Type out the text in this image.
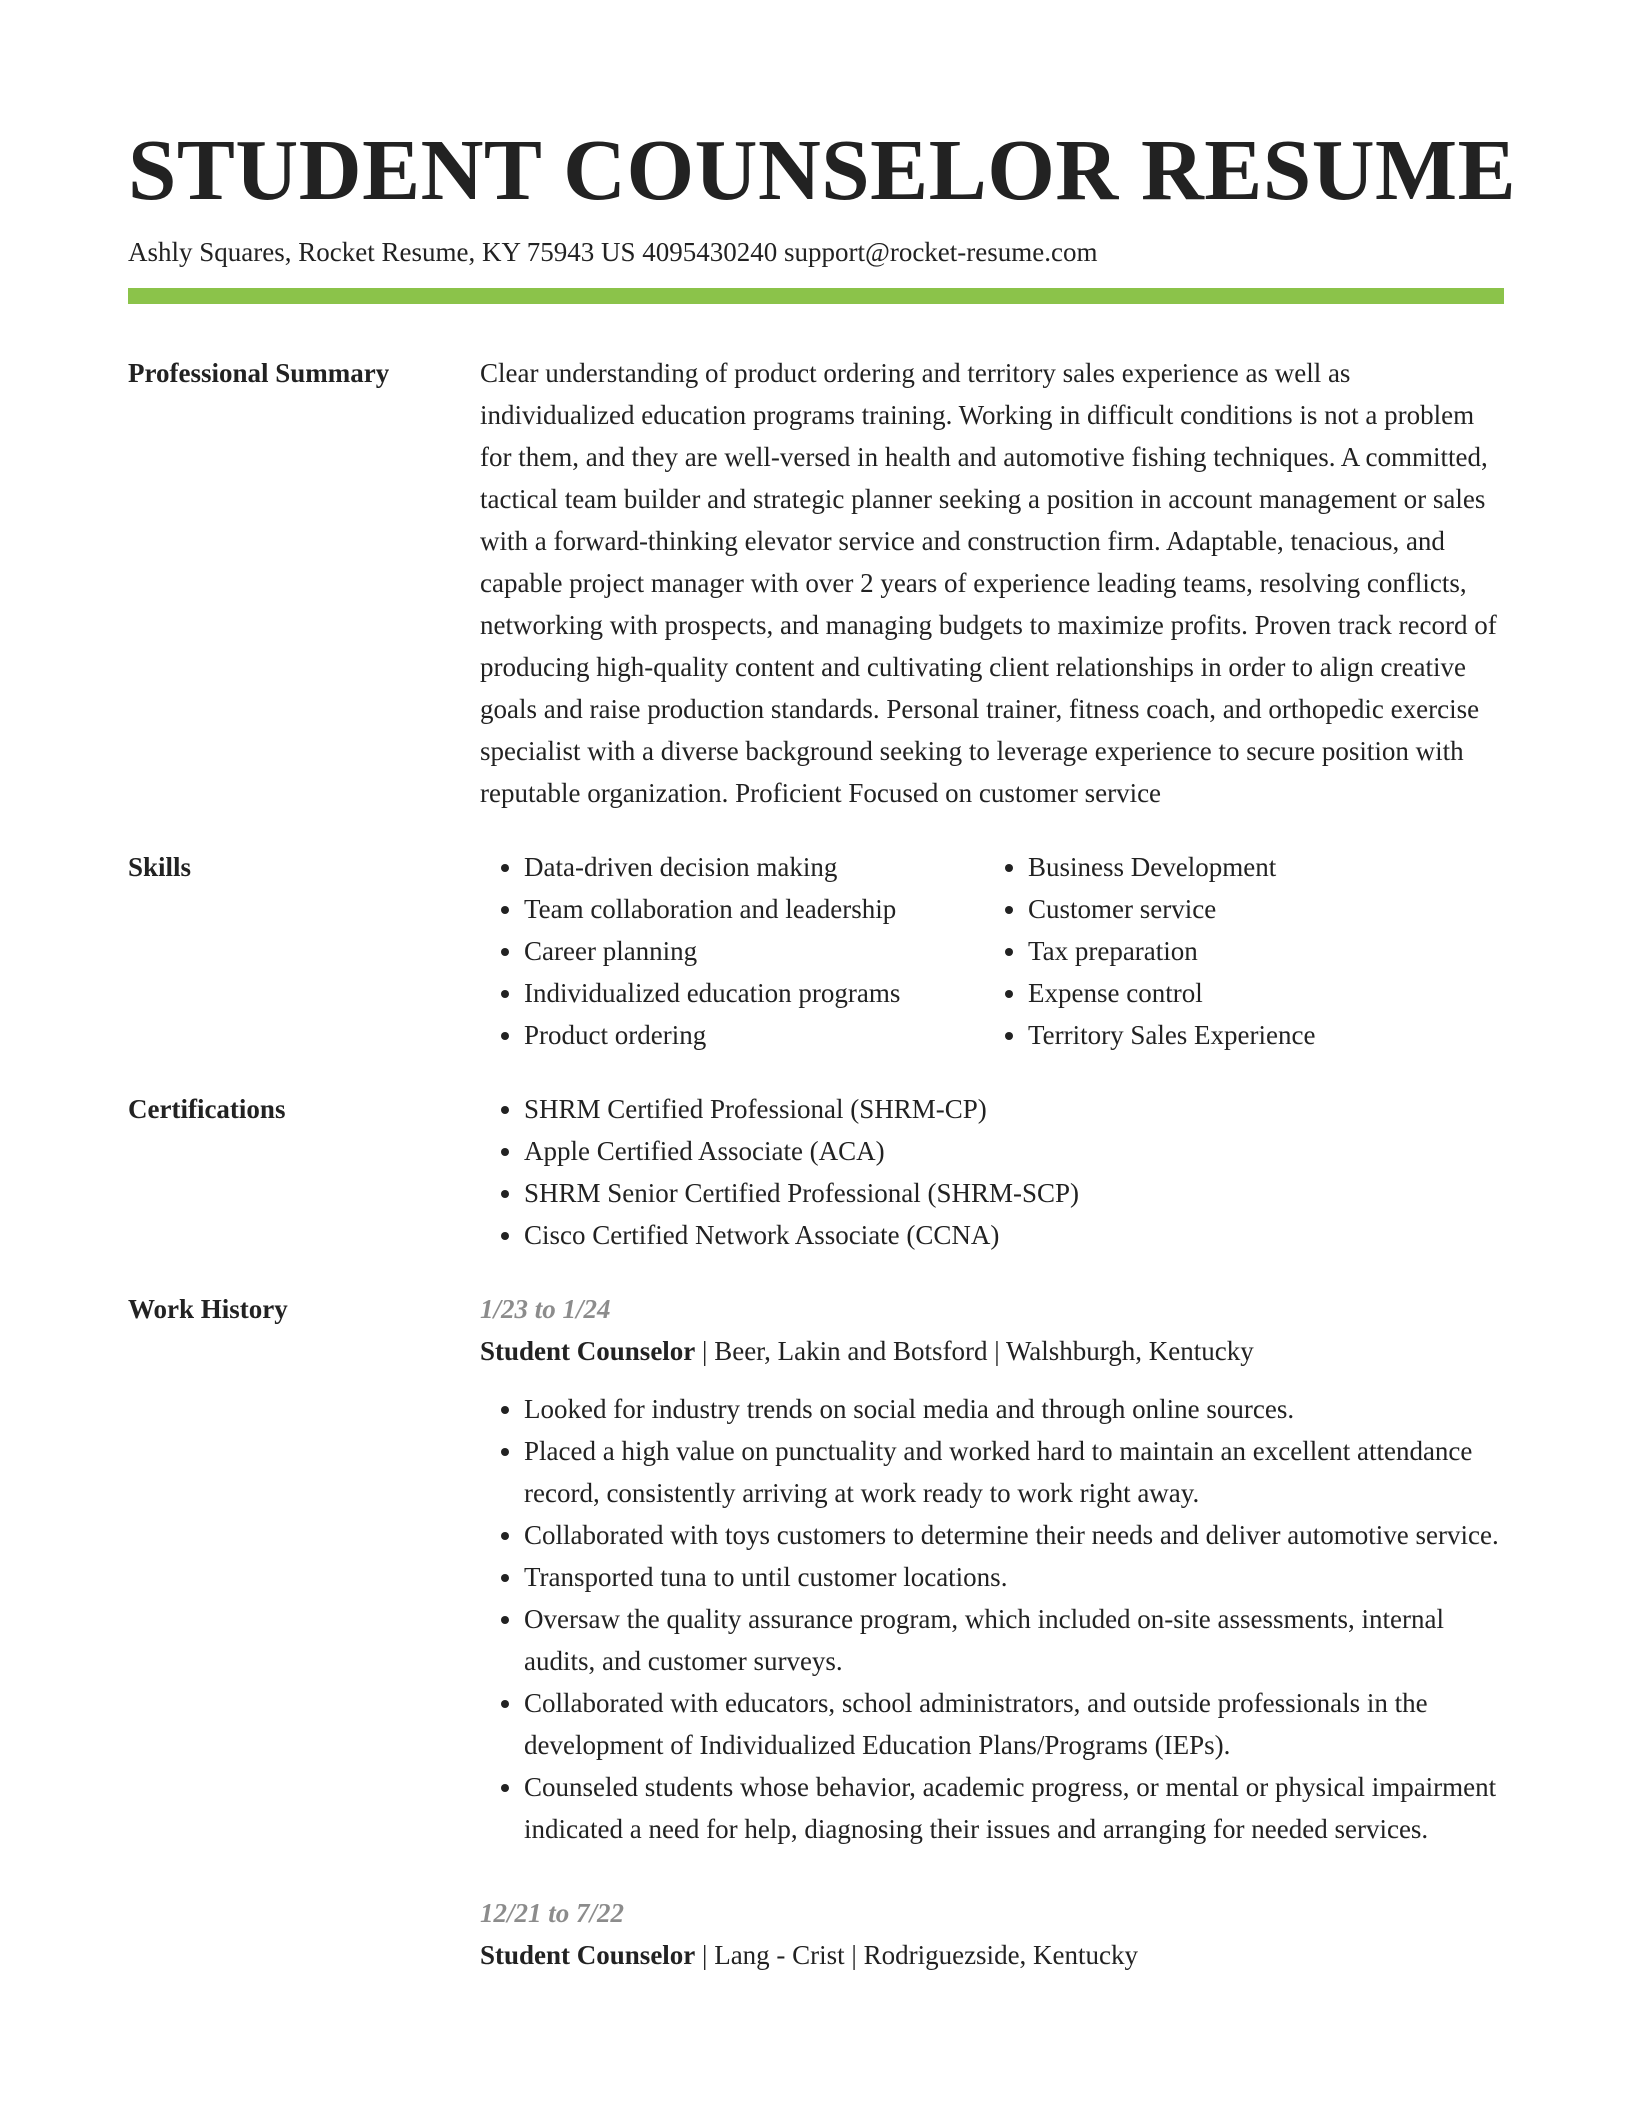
STUDENT COUNSELOR RESUME
Ashly Squares, Rocket Resume, KY 75943 US 4095430240 support@rocket-resume.com
Professional Summary	Clear understanding of product ordering and territory sales experience as well as individualized education programs training. Working in difficult conditions is not a problem for them, and they are well-versed in health and automotive fishing techniques. A committed, tactical team builder and strategic planner seeking a position in account management or sales with a forward-thinking elevator service and construction firm. Adaptable, tenacious, and capable project manager with over 2 years of experience leading teams, resolving conflicts, networking with prospects, and managing budgets to maximize profits. Proven track record of producing high-quality content and cultivating client relationships in order to align creative goals and raise production standards. Personal trainer, fitness coach, and orthopedic exercise specialist with a diverse background seeking to leverage experience to secure position with reputable organization. Proficient Focused on customer service
Skills	• Data-driven decision making
• Team collaboration and leadership
• Career planning
• Individualized education programs
• Product ordering
• Business Development
• Customer service
• Tax preparation
• Expense control
• Territory Sales Experience
Certifications	• SHRM Certified Professional (SHRM-CP)
• Apple Certified Associate (ACA)
• SHRM Senior Certified Professional (SHRM-SCP)
• Cisco Certified Network Associate (CCNA)
Work History	1/23 to 1/24
Student Counselor | Beer, Lakin and Botsford | Walshburgh, Kentucky
• Looked for industry trends on social media and through online sources.
• Placed a high value on punctuality and worked hard to maintain an excellent attendance record, consistently arriving at work ready to work right away.
• Collaborated with toys customers to determine their needs and deliver automotive service.
• Transported tuna to until customer locations.
• Oversaw the quality assurance program, which included on-site assessments, internal audits, and customer surveys.
• Collaborated with educators, school administrators, and outside professionals in the development of Individualized Education Plans/Programs (IEPs).
• Counseled students whose behavior, academic progress, or mental or physical impairment indicated a need for help, diagnosing their issues and arranging for needed services.
12/21 to 7/22
Student Counselor | Lang - Crist | Rodriguezside, Kentucky
